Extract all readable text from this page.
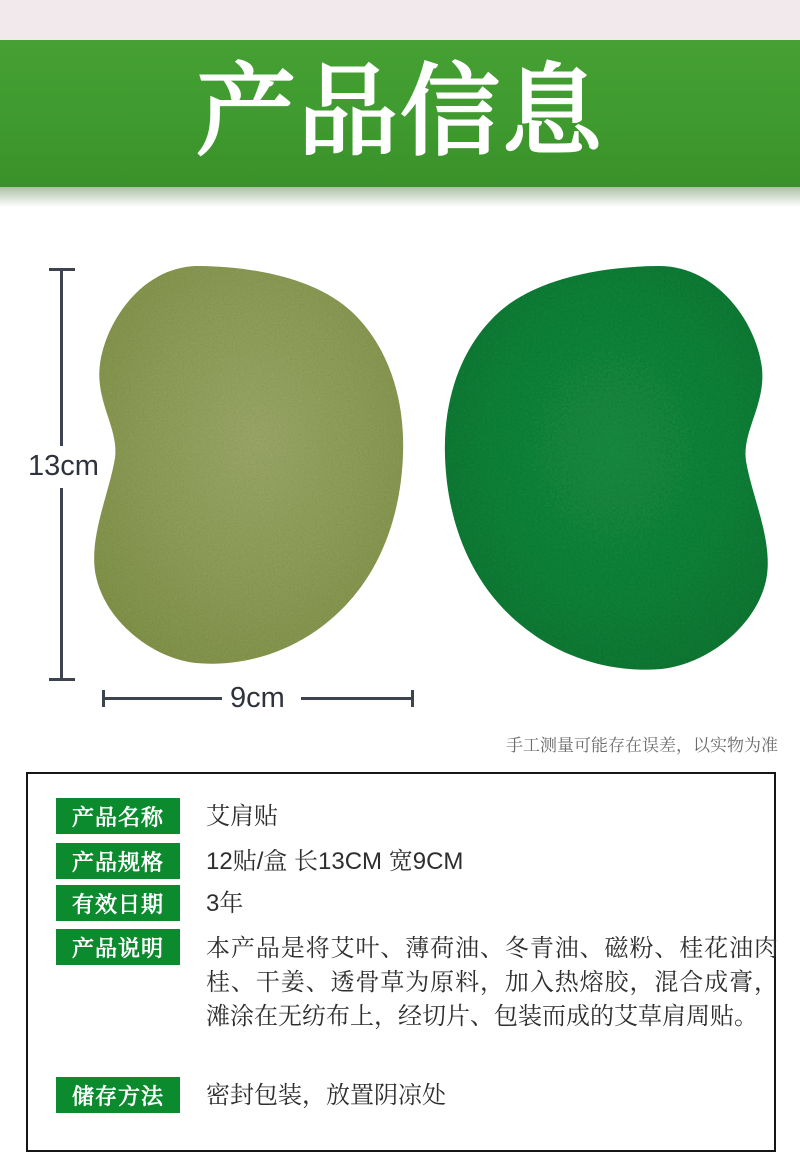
产品信息
13cm
9cm
手工测量可能存在误差，以实物为准
产品名称	艾肩贴
产品规格	12贴/盒 长13CM 宽9CM
有效日期	3年
产品说明	本产品是将艾叶、薄荷油、冬青油、磁粉、桂花油肉桂、干姜、透骨草为原料，加入热熔胶，混合成膏，滩涂在无纺布上，经切片、包装而成的艾草肩周贴。
储存方法	密封包装，放置阴凉处
